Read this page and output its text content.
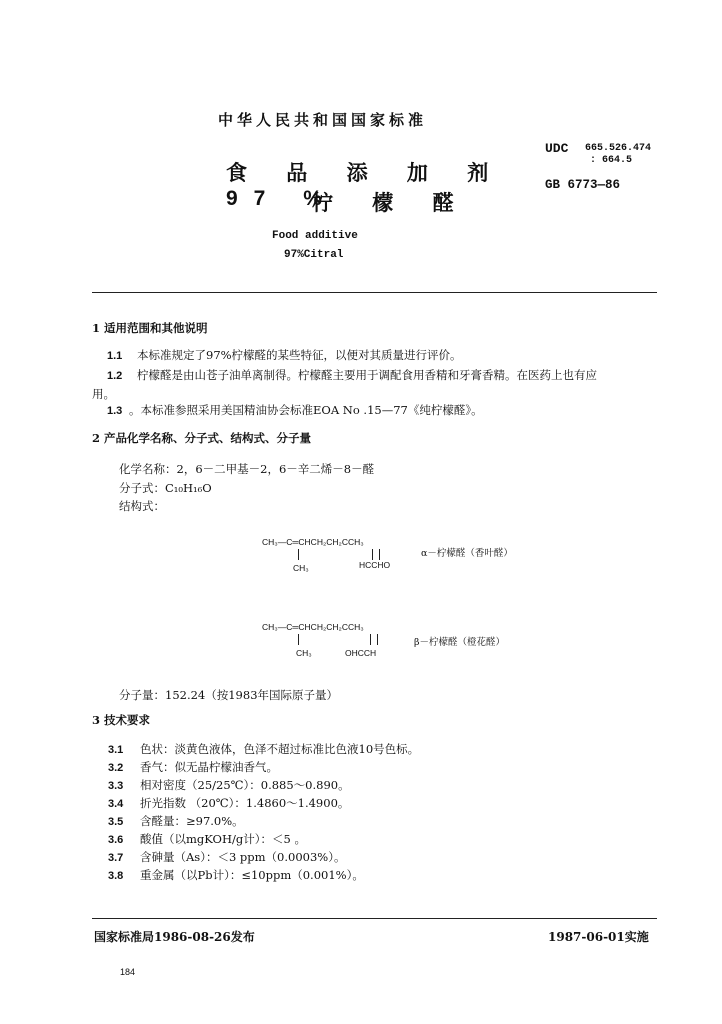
中华人民共和国国家标准
UDC 665.526.474
: 664.5
GB 6773—86
食 品 添 加 剂
97 %
柠 檬 醛
Food additive
97%Citral
1 适用范围和其他说明
1.1 本标准规定了97%柠檬醛的某些特征，以便对其质量进行评价。
1.2 柠檬醛是由山苍子油单离制得。柠檬醛主要用于调配食用香精和牙膏香精。在医药上也有应
用。
1.3 。本标准参照采用美国精油协会标准EOA No .15—77《纯柠檬醛》。
2 产品化学名称、分子式、结构式、分子量
化学名称：2，6－二甲基－2，6－辛二烯－8－醛
分子式：C₁₀H₁₆O
结构式：
CH₃—C═CHCH₂CH₂CCH₃
CH₃	HCCHO
α－柠檬醛（香叶醛）
CH₃—C═CHCH₂CH₂CCH₃
CH₃	OHCCH
β－柠檬醛（橙花醛）
分子量：152.24（按1983年国际原子量）
3 技术要求
3.1 色状：淡黄色液体，色泽不超过标准比色液10号色标。
3.2 香气：似无晶柠檬油香气。
3.3 相对密度（25/25℃）：0.885～0.890。
3.4 折光指数 （20℃）：1.4860～1.4900。
3.5 含醛量：≥97.0%。
3.6 酸值（以mgKOH/g计）：＜5 。
3.7 含砷量（As）：＜3 ppm（0.0003%）。
3.8 重金属（以Pb计）：≤10ppm（0.001%）。
国家标准局1986-08-26发布	1987-06-01实施
184
